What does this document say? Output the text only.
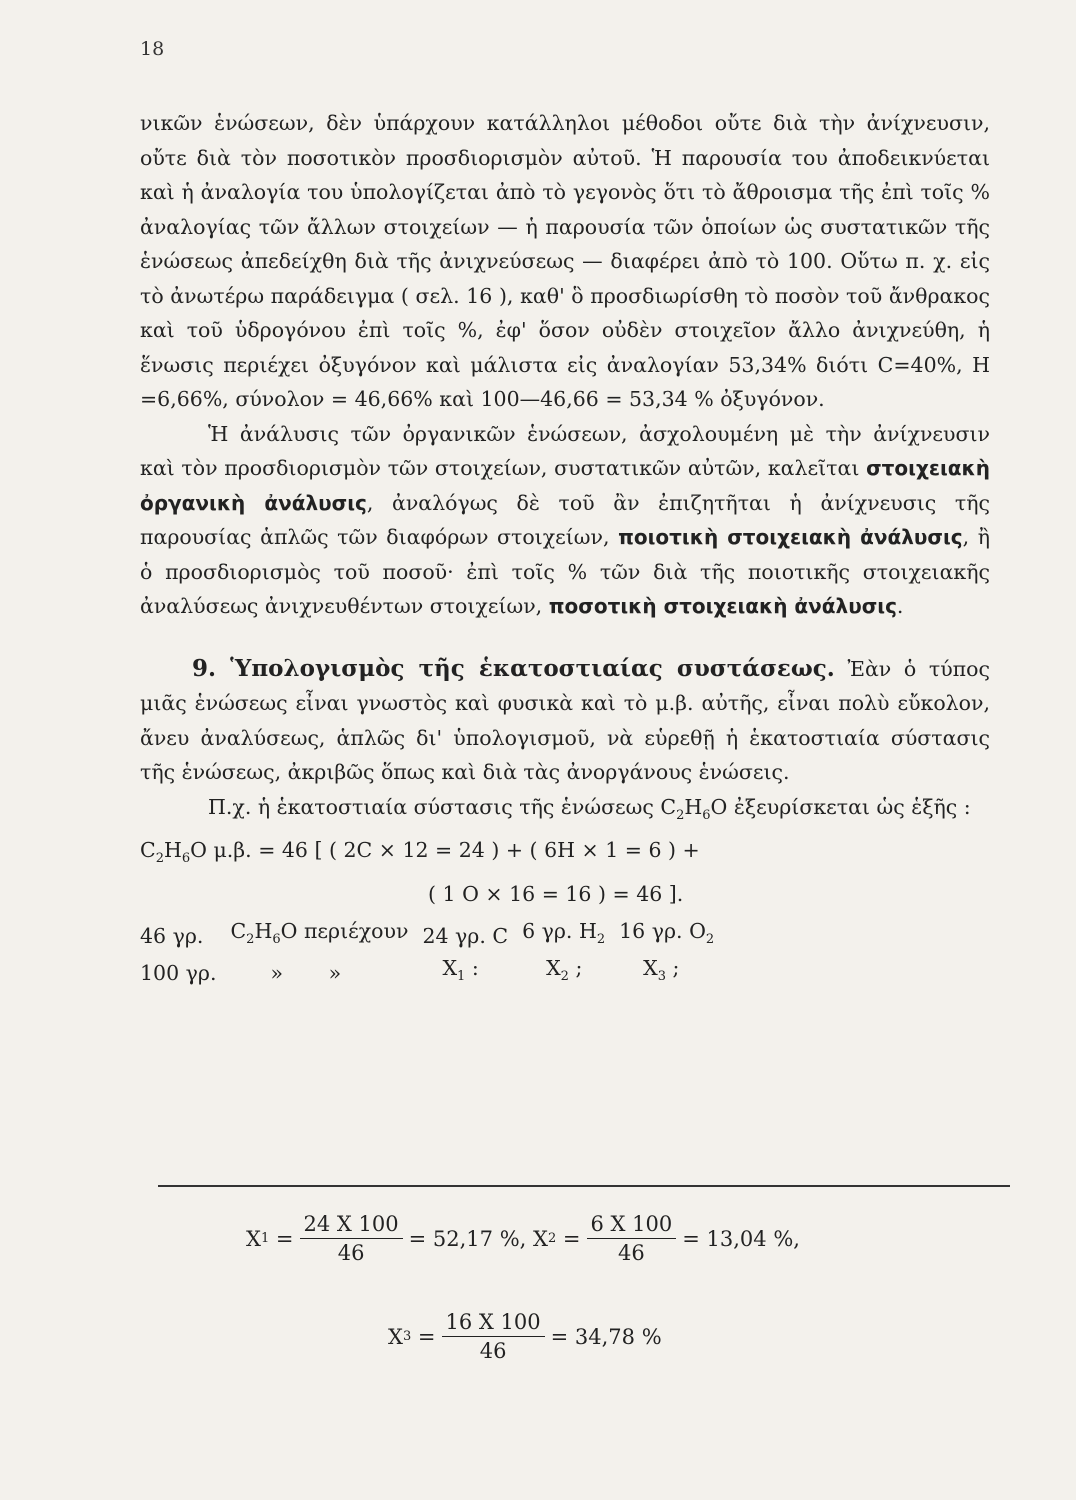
18

νικῶν ἑνώσεων, δὲν ὑπάρχουν κατάλληλοι μέθοδοι οὔτε διὰ τὴν ἀνίχνευσιν, οὔτε διὰ τὸν ποσοτικὸν προσδιορισμὸν αὐτοῦ. Ἡ παρουσία του ἀποδεικνύεται καὶ ἡ ἀναλογία του ὑπολογίζεται ἀπὸ τὸ γεγονὸς ὅτι τὸ ἄθροισμα τῆς ἐπὶ τοῖς % ἀναλογίας τῶν ἄλλων στοιχείων — ἡ παρουσία τῶν ὁποίων ὡς συστατικῶν τῆς ἑνώσεως ἀπεδείχθη διὰ τῆς ἀνιχνεύσεως — διαφέρει ἀπὸ τὸ 100. Οὕτω π. χ. εἰς τὸ ἀνωτέρω παράδειγμα ( σελ. 16 ), καθ' ὃ προσδιωρίσθη τὸ ποσὸν τοῦ ἄνθρακος καὶ τοῦ ὑδρογόνου ἐπὶ τοῖς %, ἐφ' ὅσον οὐδὲν στοιχεῖον ἄλλο ἀνιχνεύθη, ἡ ἕνωσις περιέχει ὀξυγόνον καὶ μάλιστα εἰς ἀναλογίαν 53,34% διότι C=40%, H =6,66%, σύνολον = 46,66% καὶ 100—46,66 = 53,34 % ὀξυγόνον.

Ἡ ἀνάλυσις τῶν ὀργανικῶν ἑνώσεων, ἀσχολουμένη μὲ τὴν ἀνίχνευσιν καὶ τὸν προσδιορισμὸν τῶν στοιχείων, συστατικῶν αὐτῶν, καλεῖται στοιχειακὴ ὀργανικὴ ἀνάλυσις, ἀναλόγως δὲ τοῦ ἂν ἐπιζητῆται ἡ ἀνίχνευσις τῆς παρουσίας ἁπλῶς τῶν διαφόρων στοιχείων, ποιοτικὴ στοιχειακὴ ἀνάλυσις, ἢ ὁ προσδιορισμὸς τοῦ ποσοῦ· ἐπὶ τοῖς % τῶν διὰ τῆς ποιοτικῆς στοιχειακῆς ἀναλύσεως ἀνιχνευθέντων στοιχείων, ποσοτικὴ στοιχειακὴ ἀνάλυσις.

9. Ὑπολογισμὸς τῆς ἑκατοστιαίας συστάσεως. Ἐὰν ὁ τύπος μιᾶς ἑνώσεως εἶναι γνωστὸς καὶ φυσικὰ καὶ τὸ μ.β. αὐτῆς, εἶναι πολὺ εὔκολον, ἄνευ ἀναλύσεως, ἁπλῶς δι' ὑπολογισμοῦ, νὰ εὑρεθῇ ἡ ἑκατοστιαία σύστασις τῆς ἑνώσεως, ἀκριβῶς ὅπως καὶ διὰ τὰς ἀνοργάνους ἑνώσεις.

Π.χ. ἡ ἑκατοστιαία σύστασις τῆς ἑνώσεως $C_2H_6O$ ἐξευρίσκεται ὡς ἑξῆς :

$C_2H_6O$ μ.β. = 46 [ ( 2C × 12 = 24 ) + ( 6H × 1 = 6 ) +

( 1 O × 16 = 16 ) = 46 ].

46 γρ.	$C_2H_6O$ περιέχουν	24 γρ. C	6 γρ. $H_2$	16 γρ. $O_2$
100 γρ.	» »	$X_1$ :	$X_2$ ;	$X_3$ ;
X $1 = \frac{24 X 100}{46} = 52,17$ %, X $2 = \frac{6 X 100}{46} = 13,04$ %,
X $3 = \frac{16 X 100}{46} = 34,78$ %
